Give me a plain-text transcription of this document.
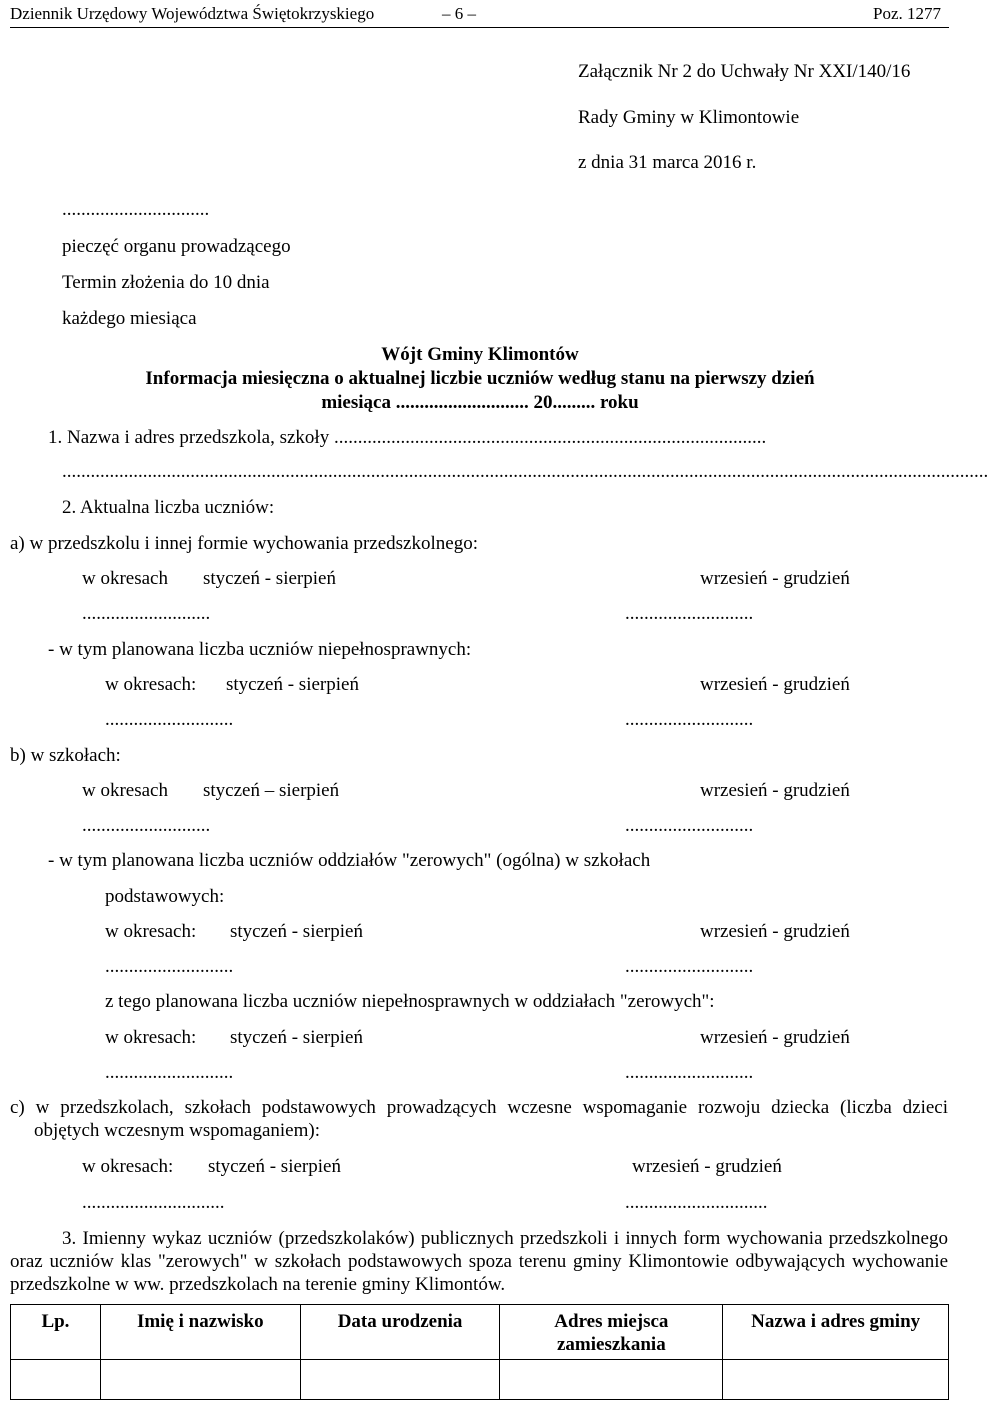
Dziennik Urzędowy Województwa Świętokrzyskiego	– 6 –	Poz. 1277
Załącznik Nr 2 do Uchwały Nr XXI/140/16
Rady Gminy w Klimontowie
z dnia 31 marca 2016 r.
...............................
pieczęć organu prowadzącego
Termin złożenia do 10 dnia
każdego miesiąca
Wójt Gminy Klimontów
Informacja miesięczna o aktualnej liczbie uczniów według stanu na pierwszy dzień
miesiąca ............................ 20......... roku
1. Nazwa i adres przedszkola, szkoły ...........................................................................................
...................................................................................................................................................................................................
2. Aktualna liczba uczniów:
a) w przedszkolu i innej formie wychowania przedszkolnego:
w okresach styczeń - sierpień	wrzesień - grudzień
...........................	...........................
- w tym planowana liczba uczniów niepełnosprawnych:
w okresach: styczeń - sierpień	wrzesień - grudzień
...........................	...........................
b) w szkołach:
w okresach styczeń – sierpień	wrzesień - grudzień
...........................	...........................
- w tym planowana liczba uczniów oddziałów "zerowych" (ogólna) w szkołach
podstawowych:
w okresach: styczeń - sierpień	wrzesień - grudzień
...........................	...........................
z tego planowana liczba uczniów niepełnosprawnych w oddziałach "zerowych":
w okresach: styczeń - sierpień	wrzesień - grudzień
...........................	...........................
c) w przedszkolach, szkołach podstawowych prowadzących wczesne wspomaganie rozwoju dziecka (liczba dzieci objętych wczesnym wspomaganiem):
w okresach: styczeń - sierpień	wrzesień - grudzień
..............................	..............................
3. Imienny wykaz uczniów (przedszkolaków) publicznych przedszkoli i innych form wychowania przedszkolnego oraz uczniów klas "zerowych" w szkołach podstawowych spoza terenu gminy Klimontowie odbywających wychowanie przedszkolne w ww. przedszkolach na terenie gminy Klimontów.
Lp.	Imię i nazwisko	Data urodzenia	Adres miejsca zamieszkania	Nazwa i adres gminy
